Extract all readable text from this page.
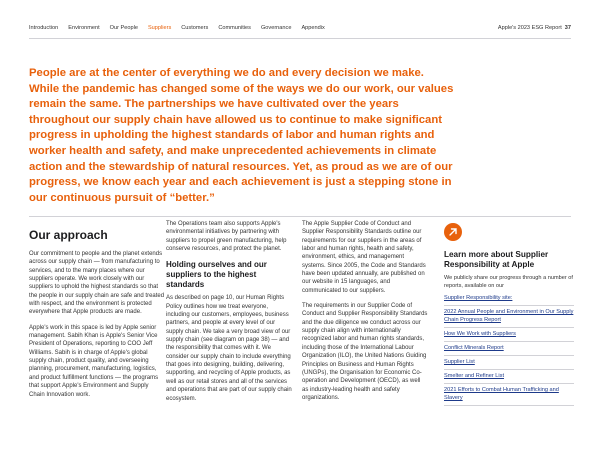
Introduction Environment Our People Suppliers Customers Communities Governance Appendix	Apple's 2023 ESG Report 37

People are at the center of everything we do and every decision we make. While the pandemic has changed some of the ways we do our work, our values remain the same. The partnerships we have cultivated over the years throughout our supply chain have allowed us to continue to make significant progress in upholding the highest standards of labor and human rights and worker health and safety, and make unprecedented achievements in climate action and the stewardship of natural resources. Yet, as proud as we are of our progress, we know each year and each achievement is just a stepping stone in our continuous pursuit of “better.”

Our approach

Our commitment to people and the planet extends across our supply chain — from manufacturing to services, and to the many places where our suppliers operate. We work closely with our suppliers to uphold the highest standards so that the people in our supply chain are safe and treated with respect, and the environment is protected everywhere that Apple products are made.

Apple's work in this space is led by Apple senior management. Sabih Khan is Apple's Senior Vice President of Operations, reporting to COO Jeff Williams. Sabih is in charge of Apple's global supply chain, product quality, and overseeing planning, procurement, manufacturing, logistics, and product fulfillment functions — the programs that support Apple's Environment and Supply Chain Innovation work.

The Operations team also supports Apple's environmental initiatives by partnering with suppliers to propel green manufacturing, help conserve resources, and protect the planet.

Holding ourselves and our suppliers to the highest standards

As described on page 10, our Human Rights Policy outlines how we treat everyone, including our customers, employees, business partners, and people at every level of our supply chain. We take a very broad view of our supply chain (see diagram on page 38) — and the responsibility that comes with it. We consider our supply chain to include everything that goes into designing, building, delivering, supporting, and recycling of Apple products, as well as our retail stores and all of the services and operations that are part of our supply chain ecosystem.

The Apple Supplier Code of Conduct and Supplier Responsibility Standards outline our requirements for our suppliers in the areas of labor and human rights, health and safety, environment, ethics, and management systems. Since 2005, the Code and Standards have been updated annually, are published on our website in 15 languages, and communicated to our suppliers.

The requirements in our Supplier Code of Conduct and Supplier Responsibility Standards and the due diligence we conduct across our supply chain align with internationally recognized labor and human rights standards, including those of the International Labour Organization (ILO), the United Nations Guiding Principles on Business and Human Rights (UNGPs), the Organisation for Economic Co-operation and Development (OECD), as well as industry-leading health and safety organizations.

Learn more about Supplier Responsibility at Apple

We publicly share our progress through a number of reports, available on our

Supplier Responsibility site:
2022 Annual People and Environment in Our Supply Chain Progress Report
How We Work with Suppliers
Conflict Minerals Report
Supplier List
Smelter and Refiner List
2021 Efforts to Combat Human Trafficking and Slavery
